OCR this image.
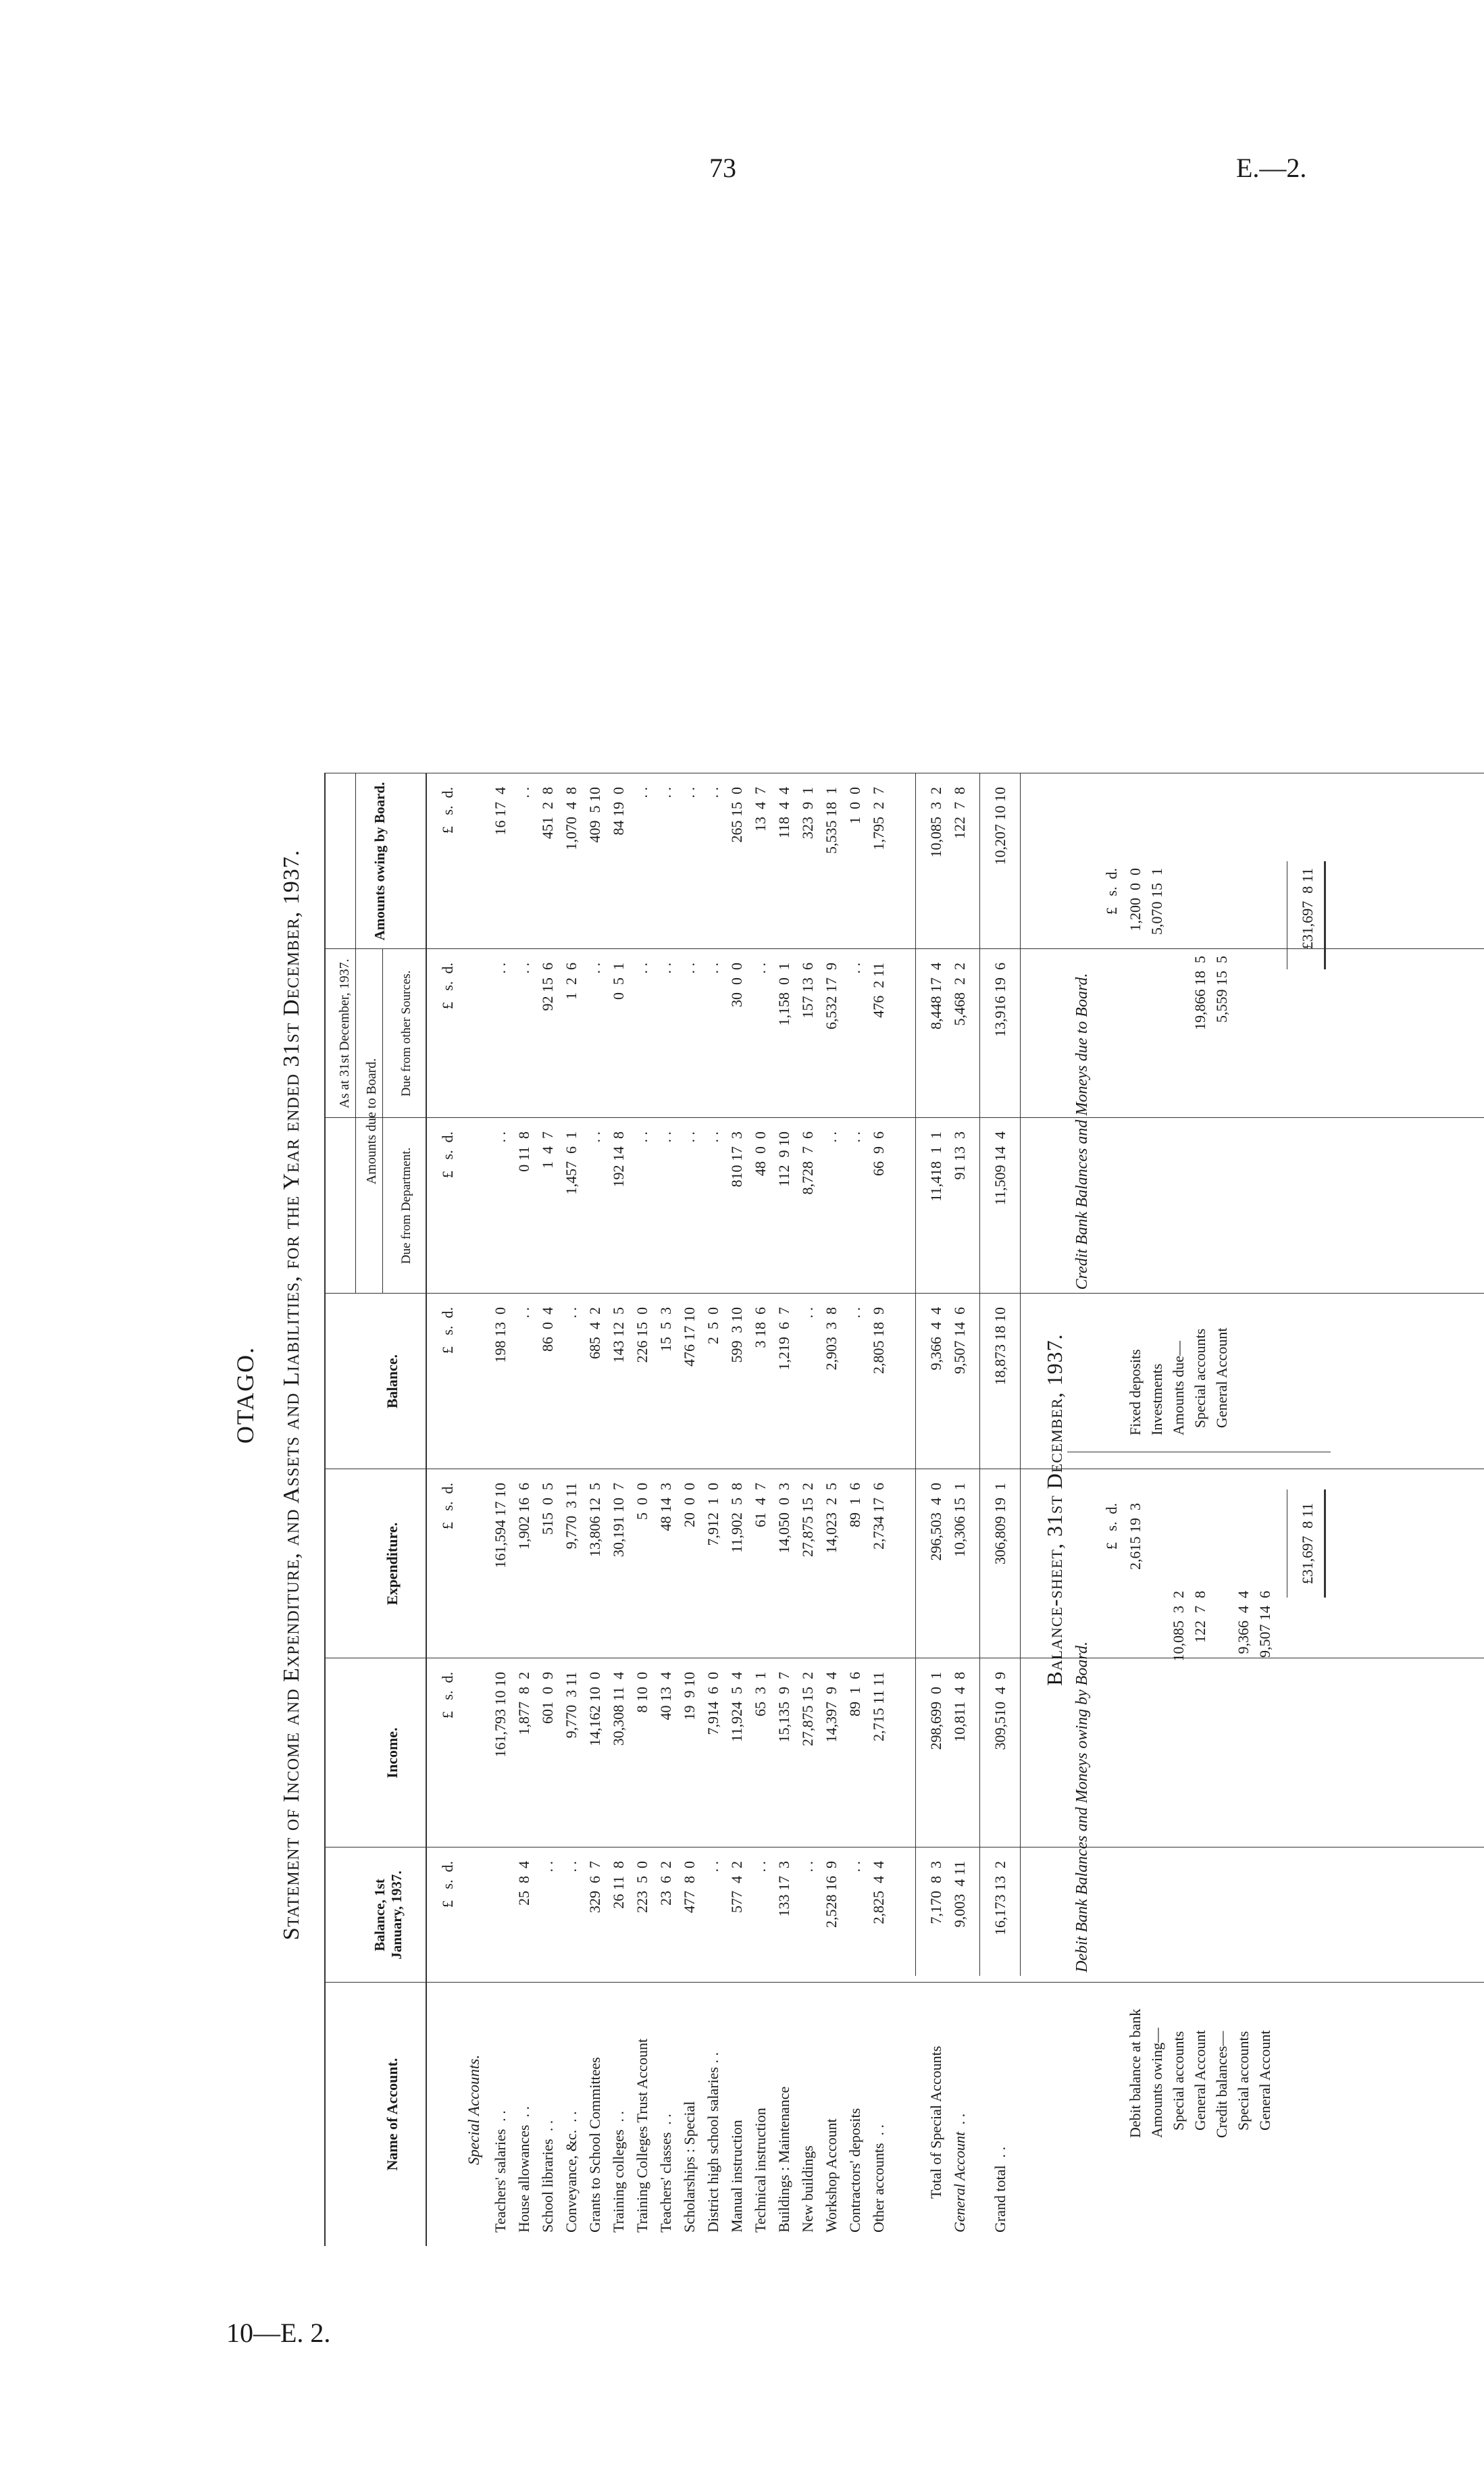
73	E.—2.
10—E. 2.
OTAGO. Statement of Income and Expenditure, and Assets and Liabilities, for the Year ended 31st December, 1937.
Name of Account.
Balance, 1st January, 1937.
Income.
Expenditure.
Balance.
As at 31st December, 1937.
Amounts due to Board.
Due from Department.
Due from other Sources.
Amounts owing by Board.
£   s.  d.
£   s.  d.
£   s.  d.
£   s.  d.
£   s.  d.
£   s.  d.
£   s.  d.
Special Accounts.
Teachers' salaries  . .
161,793 10 10
161,594 17 10
198 13  0
. .
. .
16 17  4
House allowances  . .
25  8  4
1,877  8  2
1,902 16  6
. .
0 11  8
. .
. .
School libraries  . .
. .
601  0  9
515  0  5
86  0  4
1  4  7
92 15  6
451  2  8
Conveyance, &c.  . .
. .
9,770  3 11
9,770  3 11
. .
1,457  6  1
1  2  6
1,070  4  8
Grants to School Committees
329  6  7
14,162 10  0
13,806 12  5
685  4  2
. .
. .
409  5 10
Training colleges  . .
26 11  8
30,308 11  4
30,191 10  7
143 12  5
192 14  8
0  5  1
84 19  0
Training Colleges Trust Account
223  5  0
8 10  0
5  0  0
226 15  0
. .
. .
. .
Teachers' classes  . .
23  6  2
40 13  4
48 14  3
15  5  3
. .
. .
. .
Scholarships : Special
477  8  0
19  9 10
20  0  0
476 17 10
. .
. .
. .
District high school salaries . .
. .
7,914  6  0
7,912  1  0
2  5  0
. .
. .
. .
Manual instruction
577  4  2
11,924  5  4
11,902  5  8
599  3 10
810 17  3
30  0  0
265 15  0
Technical instruction
. .
65  3  1
61  4  7
3 18  6
48  0  0
. .
13  4  7
Buildings : Maintenance
133 17  3
15,135  9  7
14,050  0  3
1,219  6  7
112  9 10
1,158  0  1
118  4  4
New buildings
. .
27,875 15  2
27,875 15  2
. .
8,728  7  6
157 13  6
323  9  1
Workshop Account
2,528 16  9
14,397  9  4
14,023  2  5
2,903  3  8
. .
6,532 17  9
5,535 18  1
Contractors' deposits
. .
89  1  6
89  1  6
. .
. .
. .
1  0  0
Other accounts  . .
2,825  4  4
2,715 11 11
2,734 17  6
2,805 18  9
66  9  6
476  2 11
1,795  2  7
Total of Special Accounts
7,170  8  3
298,699  0  1
296,503  4  0
9,366  4  4
11,418  1  1
8,448 17  4
10,085  3  2
General Account  . .
9,003  4 11
10,811  4  8
10,306 15  1
9,507 14  6
91 13  3
5,468  2  2
122  7  8
Grand total  . .
16,173 13  2
309,510  4  9
306,809 19  1
18,873 18 10
11,509 14  4
13,916 19  6
10,207 10 10
Balance-sheet, 31st December, 1937.
Debit Bank Balances and Moneys owing by Board.
£   s.  d.
Debit balance at bank
2,615 19  3
Amounts owing— Special accounts
10,085  3  2
General Account
122  7  8
Credit balances— Special accounts
9,366  4  4
General Account
9,507 14  6
£31,697  8 11
Credit Bank Balances and Moneys due to Board.
£   s.  d.
Fixed deposits
1,200  0  0
Investments
5,070 15  1
Amounts due— Special accounts
19,866 18  5
General Account
5,559 15  5
£31,697  8 11
